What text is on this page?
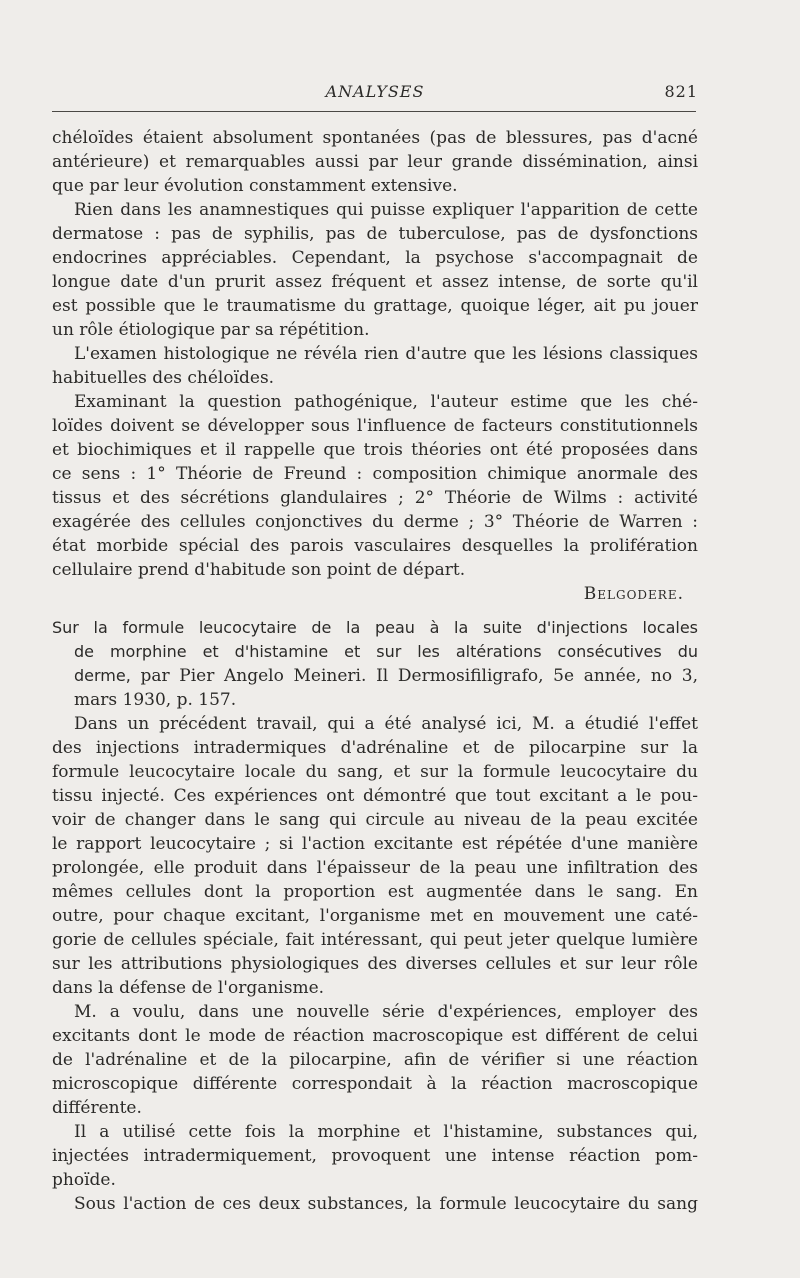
ANALYSES	821
chéloïdes étaient absolument spontanées (pas de blessures, pas d'acné
antérieure) et remarquables aussi par leur grande dissémination, ainsi
que par leur évolution constamment extensive.
Rien dans les anamnestiques qui puisse expliquer l'apparition de cette
dermatose : pas de syphilis, pas de tuberculose, pas de dysfonctions
endocrines appréciables. Cependant, la psychose s'accompagnait de
longue date d'un prurit assez fréquent et assez intense, de sorte qu'il
est possible que le traumatisme du grattage, quoique léger, ait pu jouer
un rôle étiologique par sa répétition.
L'examen histologique ne révéla rien d'autre que les lésions classiques
habituelles des chéloïdes.
Examinant la question pathogénique, l'auteur estime que les ché-
loïdes doivent se développer sous l'influence de facteurs constitutionnels
et biochimiques et il rappelle que trois théories ont été proposées dans
ce sens : 1° Théorie de Freund : composition chimique anormale des
tissus et des sécrétions glandulaires ; 2° Théorie de Wilms : activité
exagérée des cellules conjonctives du derme ; 3° Théorie de Warren :
état morbide spécial des parois vasculaires desquelles la prolifération
cellulaire prend d'habitude son point de départ.
Belgodere.
Sur la formule leucocytaire de la peau à la suite d'injections locales
de morphine et d'histamine et sur les altérations consécutives du
derme, par Pier Angelo Meineri. Il Dermosifiligrafo, 5e année, no 3,
mars 1930, p. 157.
Dans un précédent travail, qui a été analysé ici, M. a étudié l'effet
des injections intradermiques d'adrénaline et de pilocarpine sur la
formule leucocytaire locale du sang, et sur la formule leucocytaire du
tissu injecté. Ces expériences ont démontré que tout excitant a le pou-
voir de changer dans le sang qui circule au niveau de la peau excitée
le rapport leucocytaire ; si l'action excitante est répétée d'une manière
prolongée, elle produit dans l'épaisseur de la peau une infiltration des
mêmes cellules dont la proportion est augmentée dans le sang. En
outre, pour chaque excitant, l'organisme met en mouvement une caté-
gorie de cellules spéciale, fait intéressant, qui peut jeter quelque lumière
sur les attributions physiologiques des diverses cellules et sur leur rôle
dans la défense de l'organisme.
M. a voulu, dans une nouvelle série d'expériences, employer des
excitants dont le mode de réaction macroscopique est différent de celui
de l'adrénaline et de la pilocarpine, afin de vérifier si une réaction
microscopique différente correspondait à la réaction macroscopique
différente.
Il a utilisé cette fois la morphine et l'histamine, substances qui,
injectées intradermiquement, provoquent une intense réaction pom-
phoïde.
Sous l'action de ces deux substances, la formule leucocytaire du sang
